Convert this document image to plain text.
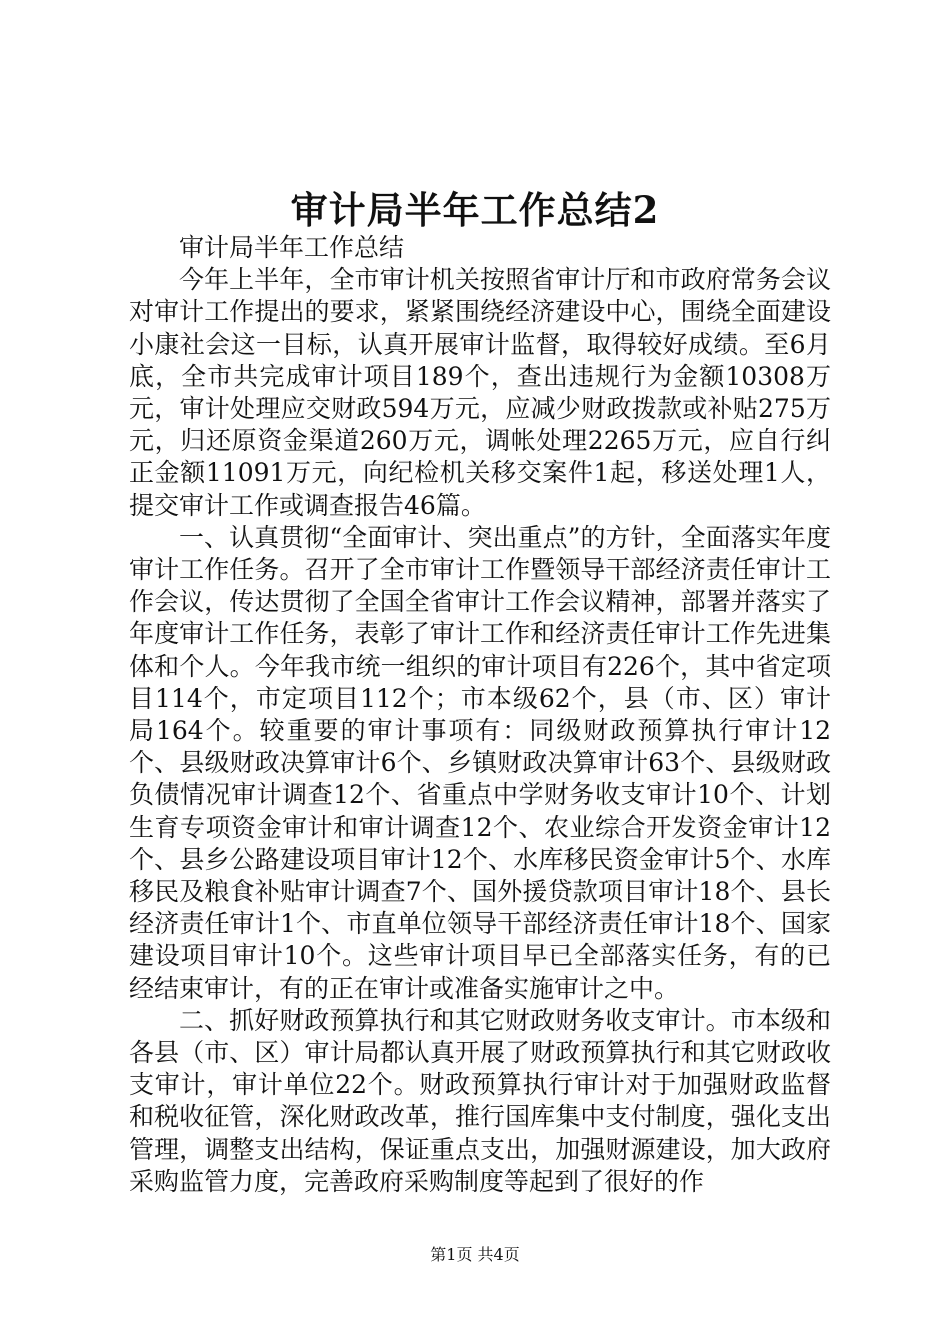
审计局半年工作总结2

审计局半年工作总结

今年上半年，全市审计机关按照省审计厅和市政府常务会议对审计工作提出的要求，紧紧围绕经济建设中心，围绕全面建设小康社会这一目标，认真开展审计监督，取得较好成绩。至6月底，全市共完成审计项目189个，查出违规行为金额10308万元，审计处理应交财政594万元，应减少财政拨款或补贴275万元，归还原资金渠道260万元，调帐处理2265万元，应自行纠正金额11091万元，向纪检机关移交案件1起，移送处理1人，提交审计工作或调查报告46篇。

一、认真贯彻“全面审计、突出重点”的方针，全面落实年度审计工作任务。召开了全市审计工作暨领导干部经济责任审计工作会议，传达贯彻了全国全省审计工作会议精神，部署并落实了年度审计工作任务，表彰了审计工作和经济责任审计工作先进集体和个人。今年我市统一组织的审计项目有226个，其中省定项目114个，市定项目112个；市本级62个，县（市、区）审计局164个。较重要的审计事项有：同级财政预算执行审计12个、县级财政决算审计6个、乡镇财政决算审计63个、县级财政负债情况审计调查12个、省重点中学财务收支审计10个、计划生育专项资金审计和审计调查12个、农业综合开发资金审计12个、县乡公路建设项目审计12个、水库移民资金审计5个、水库移民及粮食补贴审计调查7个、国外援贷款项目审计18个、县长经济责任审计1个、市直单位领导干部经济责任审计18个、国家建设项目审计10个。这些审计项目早已全部落实任务，有的已经结束审计，有的正在审计或准备实施审计之中。

二、抓好财政预算执行和其它财政财务收支审计。市本级和各县（市、区）审计局都认真开展了财政预算执行和其它财政收支审计，审计单位22个。财政预算执行审计对于加强财政监督和税收征管，深化财政改革，推行国库集中支付制度，强化支出管理，调整支出结构，保证重点支出，加强财源建设，加大政府采购监管力度，完善政府采购制度等起到了很好的作

第1页 共4页
